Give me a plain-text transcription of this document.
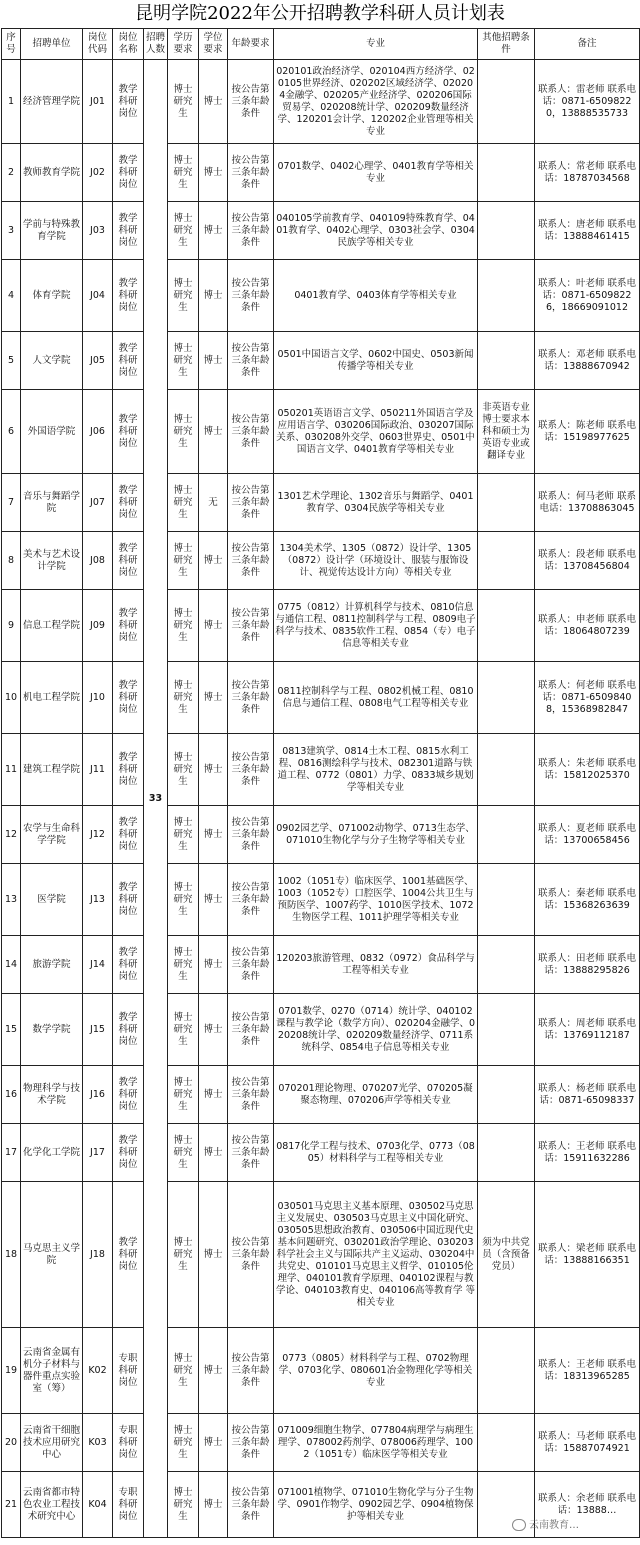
昆明学院2022年公开招聘教学科研人员计划表
序号	招聘单位	岗位代码	岗位名称	招聘人数	学历要求	学位要求	年龄要求	专业	其他招聘条件	备注
1	经济管理学院	J01	教学科研岗位	33	博士研究生	博士	按公告第三条年龄条件	020101政治经济学、020104西方经济学、020105世界经济、020202区域经济学、020204金融学、020205产业经济学、020206国际贸易学、020208统计学、020209数量经济学、120201会计学、120202企业管理等相关专业		联系人：雷老师 联系电话：0871-65098220，13888535733
2	教师教育学院	J02	教学科研岗位		博士研究生	博士	按公告第三条年龄条件	0701数学、0402心理学、0401教育学等相关专业		联系人：常老师 联系电话：18787034568
3	学前与特殊教育学院	J03	教学科研岗位		博士研究生	博士	按公告第三条年龄条件	040105学前教育学、040109特殊教育学、0401教育学、0402心理学、0303社会学、0304民族学等相关专业		联系人：唐老师 联系电话：13888461415
4	体育学院	J04	教学科研岗位		博士研究生	博士	按公告第三条年龄条件	0401教育学、0403体育学等相关专业		联系人：叶老师 联系电话：0871-65098226，18669091012
5	人文学院	J05	教学科研岗位		博士研究生	博士	按公告第三条年龄条件	0501中国语言文学、0602中国史、0503新闻传播学等相关专业		联系人：邓老师 联系电话：13888670942
6	外国语学院	J06	教学科研岗位		博士研究生	博士	按公告第三条年龄条件	050201英语语言文学、050211外国语言学及应用语言学、030206国际政治、030207国际关系、030208外交学、0603世界史、0501中国语言文学、0401教育学等相关专业	非英语专业博士要求本科和硕士为英语专业或翻译专业	联系人：陈老师 联系电话：15198977625
7	音乐与舞蹈学院	J07	教学科研岗位		博士研究生	无	按公告第三条年龄条件	1301艺术学理论、1302音乐与舞蹈学、0401教育学、0304民族学等相关专业		联系人：何马老师 联系电话：13708863045
8	美术与艺术设计学院	J08	教学科研岗位		博士研究生	博士	按公告第三条年龄条件	1304美术学、1305（0872）设计学、1305（0872）设计学（环境设计、服装与服饰设计、视觉传达设计方向）等相关专业		联系人：段老师 联系电话：13708456804
9	信息工程学院	J09	教学科研岗位		博士研究生	博士	按公告第三条年龄条件	0775（0812）计算机科学与技术、0810信息与通信工程、0811控制科学与工程、0809电子科学与技术、0835软件工程、0854（专）电子信息等相关专业		联系人：申老师 联系电话：18064807239
10	机电工程学院	J10	教学科研岗位		博士研究生	博士	按公告第三条年龄条件	0811控制科学与工程、0802机械工程、0810信息与通信工程、0808电气工程等相关专业		联系人：何老师 联系电话：0871-65098408，15368982847
11	建筑工程学院	J11	教学科研岗位		博士研究生	博士	按公告第三条年龄条件	0813建筑学、0814土木工程、0815水利工程、0816测绘科学与技术、082301道路与铁道工程、0772（0801）力学、0833城乡规划学等相关专业		联系人：朱老师 联系电话：15812025370
12	农学与生命科学学院	J12	教学科研岗位		博士研究生	博士	按公告第三条年龄条件	0902园艺学、071002动物学、0713生态学、071010生物化学与分子生物学等相关专业		联系人：夏老师 联系电话：13700658456
13	医学院	J13	教学科研岗位		博士研究生	博士	按公告第三条年龄条件	1002（1051专）临床医学、1001基础医学、1003（1052专）口腔医学、1004公共卫生与预防医学、1007药学、1010医学技术、1072生物医学工程、1011护理学等相关专业		联系人：秦老师 联系电话：15368263639
14	旅游学院	J14	教学科研岗位		博士研究生	博士	按公告第三条年龄条件	120203旅游管理、0832（0972）食品科学与工程等相关专业		联系人：田老师 联系电话：13888295826
15	数学学院	J15	教学科研岗位		博士研究生	博士	按公告第三条年龄条件	0701数学、0270（0714）统计学、040102课程与教学论（数学方向）、020204金融学、020208统计学、020209数量经济学、0711系统科学、0854电子信息等相关专业		联系人：周老师 联系电话：13769112187
16	物理科学与技术学院	J16	教学科研岗位		博士研究生	博士	按公告第三条年龄条件	070201理论物理、070207光学、070205凝聚态物理、070206声学等相关专业		联系人：杨老师 联系电话：0871-65098337
17	化学化工学院	J17	教学科研岗位		博士研究生	博士	按公告第三条年龄条件	0817化学工程与技术、0703化学、0773（0805）材料科学与工程等相关专业		联系人：王老师 联系电话：15911632286
18	马克思主义学院	J18	教学科研岗位		博士研究生	博士	按公告第三条年龄条件	030501马克思主义基本原理、030502马克思主义发展史、030503马克思主义中国化研究、030505思想政治教育、030506中国近现代史基本问题研究、030201政治学理论、030203科学社会主义与国际共产主义运动、030204中共党史、010101马克思主义哲学、010105伦理学、040101教育学原理、040102课程与教学论、040103教育史、040106高等教育学 等相关专业	须为中共党员（含预备党员）	联系人：梁老师 联系电话：13888166351
19	云南省金属有机分子材料与器件重点实验室（筹）	K02	专职科研岗位		博士研究生	博士	按公告第三条年龄条件	0773（0805）材料科学与工程、0702物理学、0703化学、080601冶金物理化学等相关专业		联系人：王老师 联系电话：18313965285
20	云南省干细胞技术应用研究中心	K03	专职科研岗位		博士研究生	博士	按公告第三条年龄条件	071009细胞生物学、077804病理学与病理生理学、078002药剂学、078006药理学、1002（1051专）临床医学等相关专业		联系人：马老师 联系电话：15887074921
21	云南省都市特色农业工程技术研究中心	K04	专职科研岗位		博士研究生	博士	按公告第三条年龄条件	071001植物学、071010生物化学与分子生物学、0901作物学、0902园艺学、0904植物保护等相关专业		联系人：余老师 联系电话：13888…
云南教育…
